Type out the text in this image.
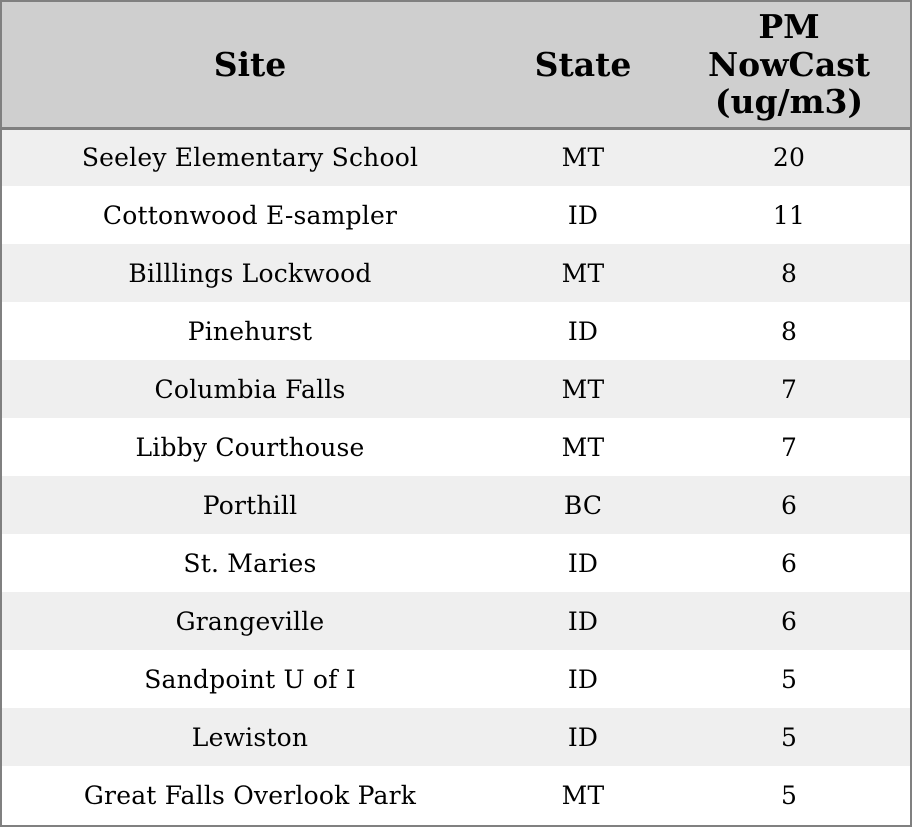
Site	State	PM
NowCast
(ug/m3)

Seeley Elementary School	MT	20
Cottonwood E-sampler	ID	11
Billlings Lockwood	MT	8
Pinehurst	ID	8
Columbia Falls	MT	7
Libby Courthouse	MT	7
Porthill	BC	6
St. Maries	ID	6
Grangeville	ID	6
Sandpoint U of I	ID	5
Lewiston	ID	5
Great Falls Overlook Park	MT	5
